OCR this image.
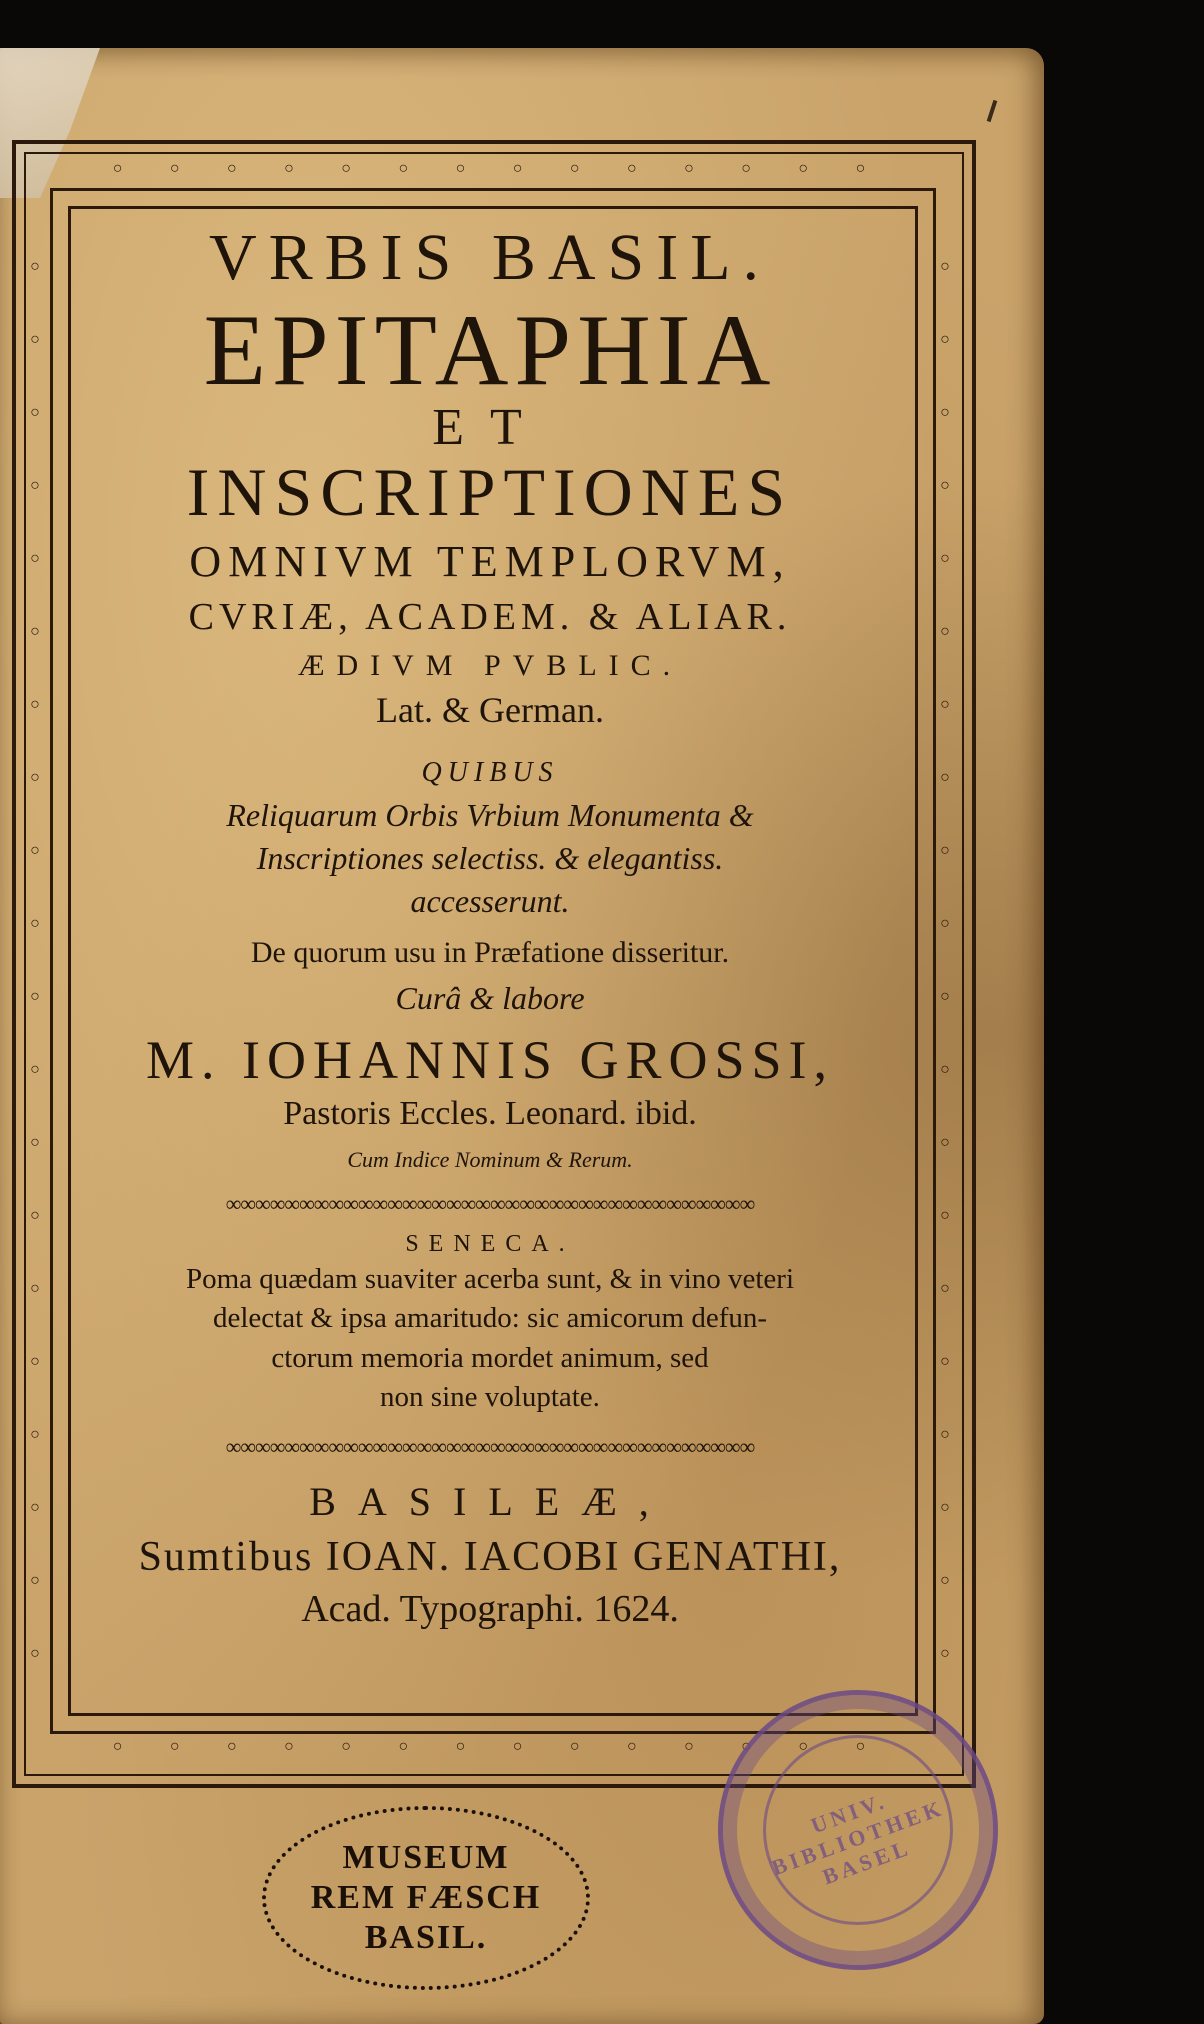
○	○	○	○	○	○	○	○	○	○	○	○	○	○
○	○	○	○	○	○	○	○	○	○	○	○	○	○
○
○
○
○
○
○
○
○
○
○
○
○
○
○
○
○
○
○
○
○
○
○
○
○
○
○
○
○
○
○
○
○
○
○
○
○
○
○
○
○
VRBIS BASIL.
EPITAPHIA
ET
INSCRIPTIONES
OMNIVM TEMPLORVM,
CVRIÆ, ACADEM. & ALIAR.
ÆDIVM PVBLIC.
Lat. & German.
QUIBUS
Reliquarum Orbis Vrbium Monumenta &
Inscriptiones selectiss. & elegantiss.
accesserunt.
De quorum usu in Præfatione disseritur.
Curâ & labore
M. IOHANNIS GROSSI,
Pastoris Eccles. Leonard. ibid.
Cum Indice Nominum & Rerum.
∞∞∞∞∞∞∞∞∞∞∞∞∞∞∞∞∞∞∞∞∞∞∞∞∞∞∞∞∞∞∞∞∞∞∞∞
SENECA.
Poma quædam suaviter acerba sunt, & in vino veteri
delectat & ipsa amaritudo: sic amicorum defun-
ctorum memoria mordet animum, sed
non sine voluptate.
∞∞∞∞∞∞∞∞∞∞∞∞∞∞∞∞∞∞∞∞∞∞∞∞∞∞∞∞∞∞∞∞∞∞∞∞
BASILEÆ,
Sumtibus IOAN. IACOBI GENATHI,
Acad. Typographi. 1624.
UNIV. BIBLIOTHEK BASEL
MUSEUM
REM FÆSCH
BASIL.
